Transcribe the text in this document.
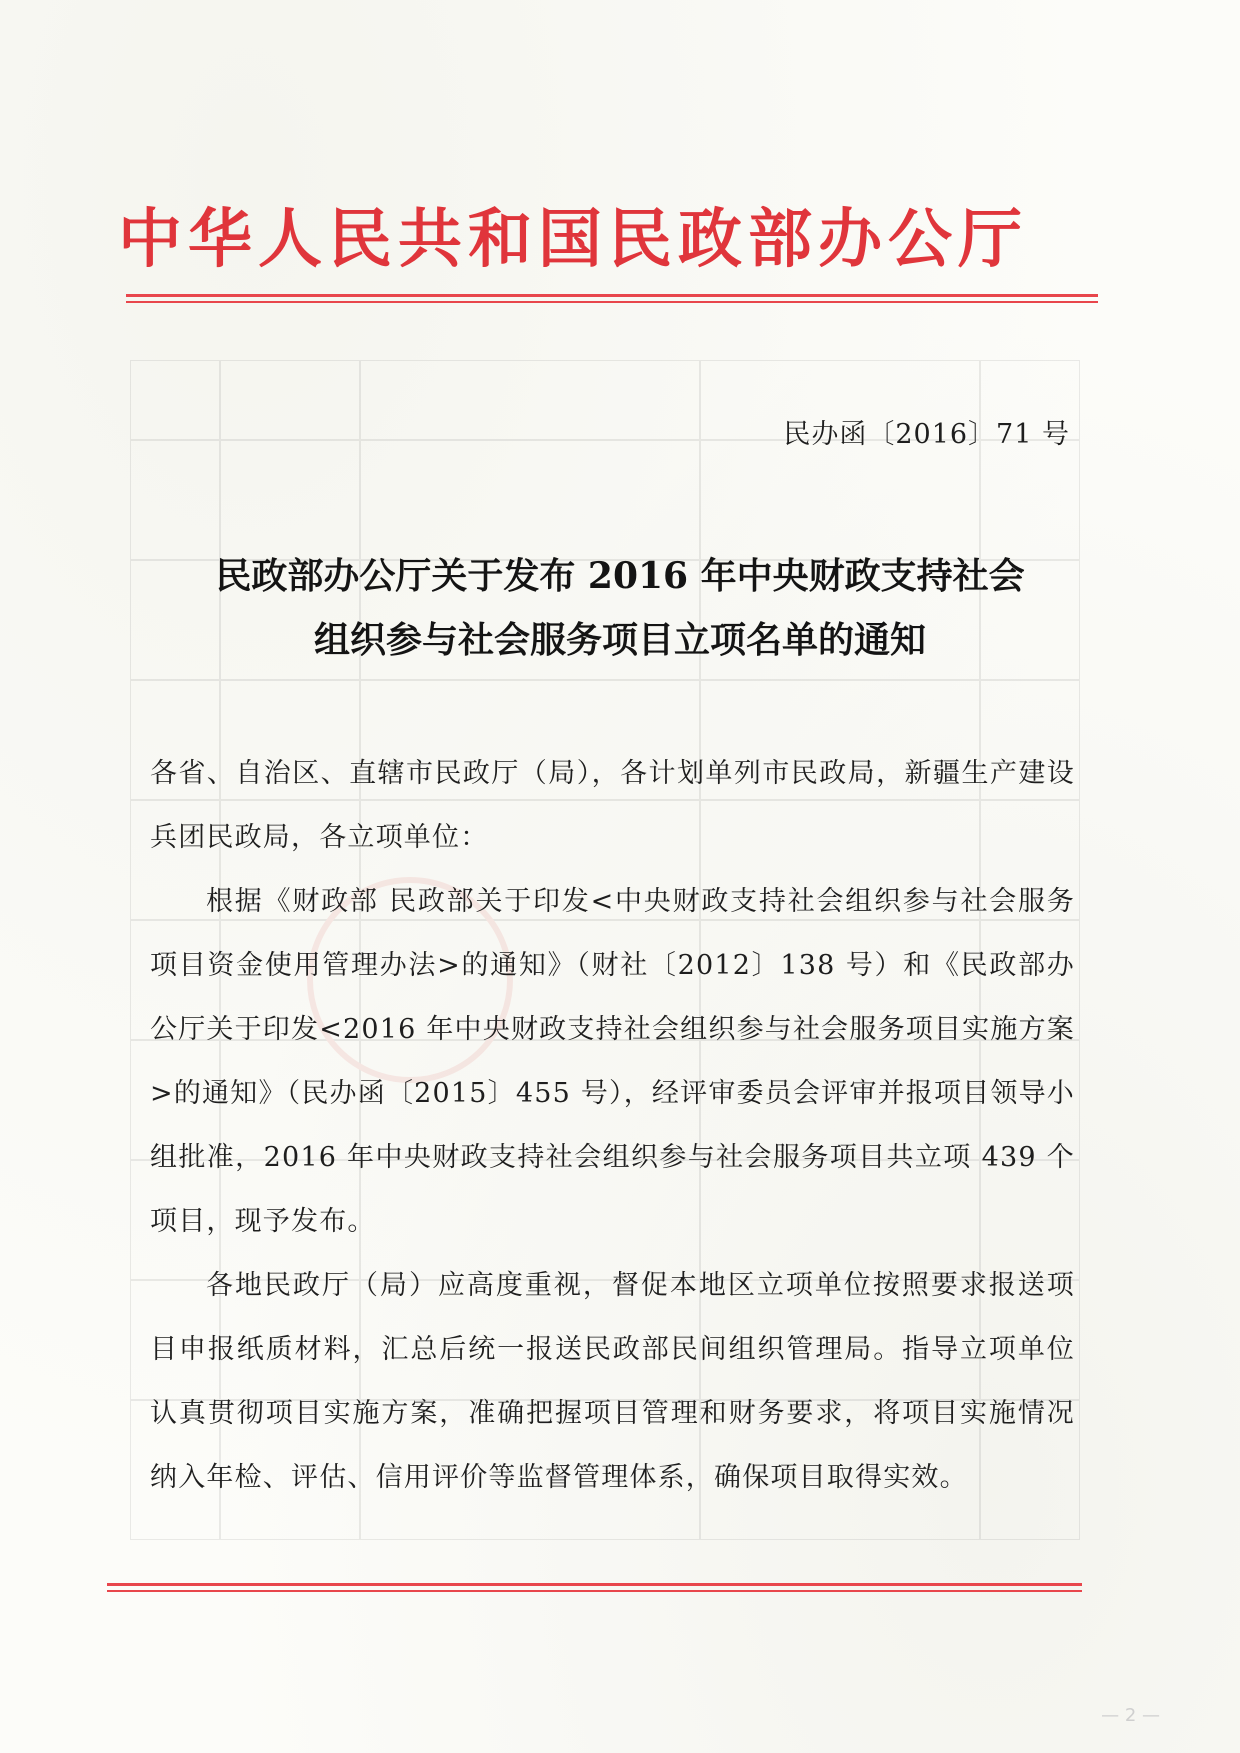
中华人民共和国民政部办公厅
民办函〔2016〕71 号
民政部办公厅关于发布 2016 年中央财政支持社会
组织参与社会服务项目立项名单的通知

各省、自治区、直辖市民政厅（局），各计划单列市民政局，新疆生产建设兵团民政局，各立项单位：

根据《财政部 民政部关于印发<中央财政支持社会组织参与社会服务项目资金使用管理办法>的通知》（财社〔2012〕138 号）和《民政部办公厅关于印发<2016 年中央财政支持社会组织参与社会服务项目实施方案>的通知》（民办函〔2015〕455 号），经评审委员会评审并报项目领导小组批准，2016 年中央财政支持社会组织参与社会服务项目共立项 439 个项目，现予发布。

各地民政厅（局）应高度重视，督促本地区立项单位按照要求报送项目申报纸质材料，汇总后统一报送民政部民间组织管理局。指导立项单位认真贯彻项目实施方案，准确把握项目管理和财务要求，将项目实施情况纳入年检、评估、信用评价等监督管理体系，确保项目取得实效。

— 2 —
